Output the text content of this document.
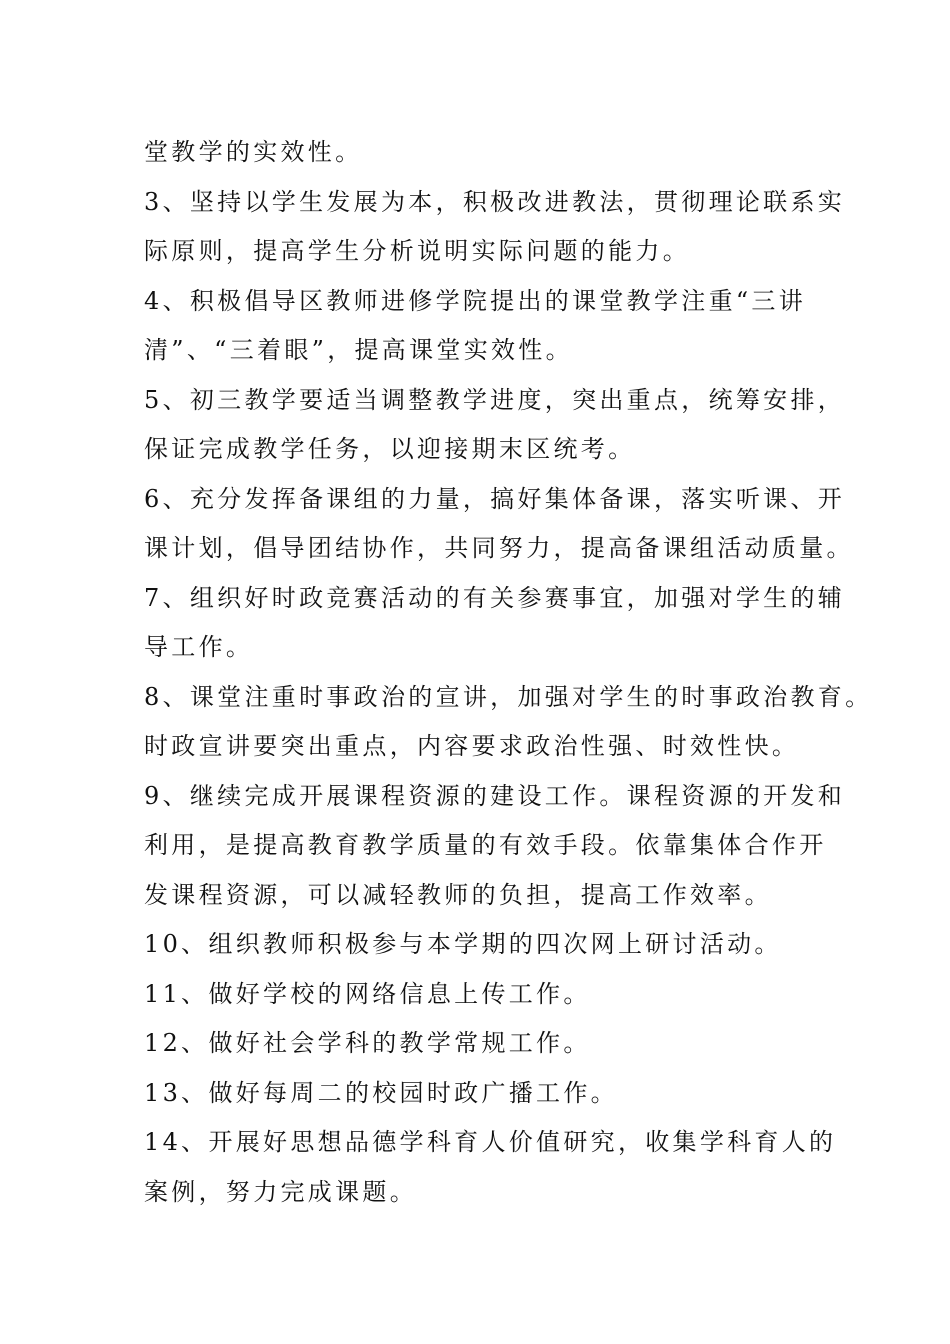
堂教学的实效性。
3、坚持以学生发展为本，积极改进教法，贯彻理论联系实
际原则，提高学生分析说明实际问题的能力。
4、积极倡导区教师进修学院提出的课堂教学注重“三讲
清”、“三着眼”，提高课堂实效性。
5、初三教学要适当调整教学进度，突出重点，统筹安排，
保证完成教学任务，以迎接期末区统考。
6、充分发挥备课组的力量，搞好集体备课，落实听课、开
课计划，倡导团结协作，共同努力，提高备课组活动质量。
7、组织好时政竞赛活动的有关参赛事宜，加强对学生的辅
导工作。
8、课堂注重时事政治的宣讲，加强对学生的时事政治教育。
时政宣讲要突出重点，内容要求政治性强、时效性快。
9、继续完成开展课程资源的建设工作。课程资源的开发和
利用，是提高教育教学质量的有效手段。依靠集体合作开
发课程资源，可以减轻教师的负担，提高工作效率。
10、组织教师积极参与本学期的四次网上研讨活动。
11、做好学校的网络信息上传工作。
12、做好社会学科的教学常规工作。
13、做好每周二的校园时政广播工作。
14、开展好思想品德学科育人价值研究，收集学科育人的
案例，努力完成课题。
